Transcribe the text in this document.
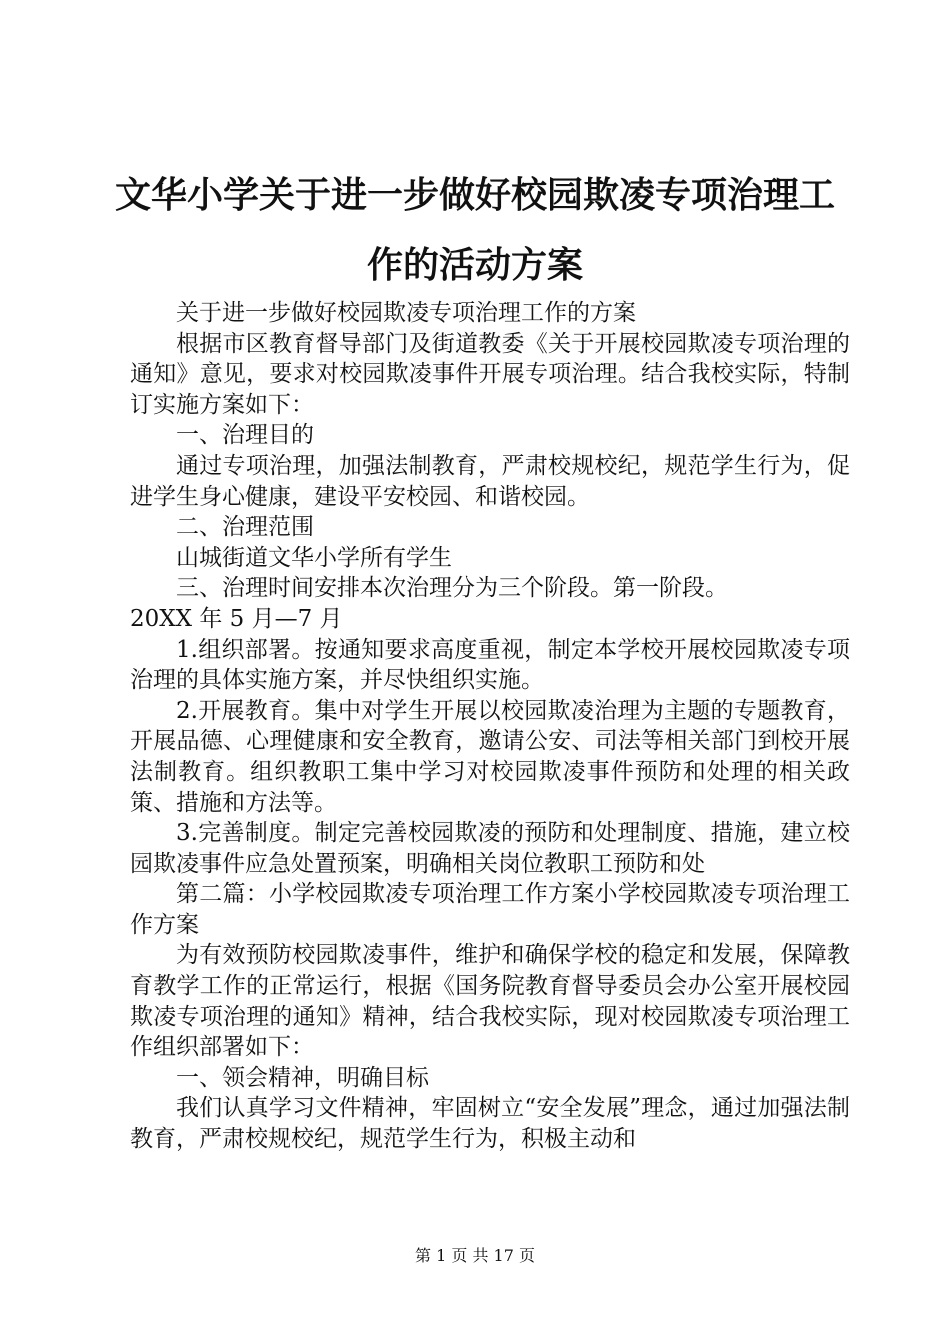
文华小学关于进一步做好校园欺凌专项治理工作的活动方案

关于进一步做好校园欺凌专项治理工作的方案

根据市区教育督导部门及街道教委《关于开展校园欺凌专项治理的通知》意见，要求对校园欺凌事件开展专项治理。结合我校实际，特制订实施方案如下：

一、治理目的

通过专项治理，加强法制教育，严肃校规校纪，规范学生行为，促进学生身心健康，建设平安校园、和谐校园。

二、治理范围

山城街道文华小学所有学生

三、治理时间安排本次治理分为三个阶段。第一阶段。

20XX 年 5 月—7 月

1.组织部署。按通知要求高度重视，制定本学校开展校园欺凌专项治理的具体实施方案，并尽快组织实施。

2.开展教育。集中对学生开展以校园欺凌治理为主题的专题教育，开展品德、心理健康和安全教育，邀请公安、司法等相关部门到校开展法制教育。组织教职工集中学习对校园欺凌事件预防和处理的相关政策、措施和方法等。

3.完善制度。制定完善校园欺凌的预防和处理制度、措施，建立校园欺凌事件应急处置预案，明确相关岗位教职工预防和处

第二篇：小学校园欺凌专项治理工作方案小学校园欺凌专项治理工作方案

为有效预防校园欺凌事件，维护和确保学校的稳定和发展，保障教育教学工作的正常运行，根据《国务院教育督导委员会办公室开展校园欺凌专项治理的通知》精神，结合我校实际，现对校园欺凌专项治理工作组织部署如下：

一、领会精神，明确目标

我们认真学习文件精神，牢固树立“安全发展”理念，通过加强法制教育，严肃校规校纪，规范学生行为，积极主动和

第 1 页 共 17 页
